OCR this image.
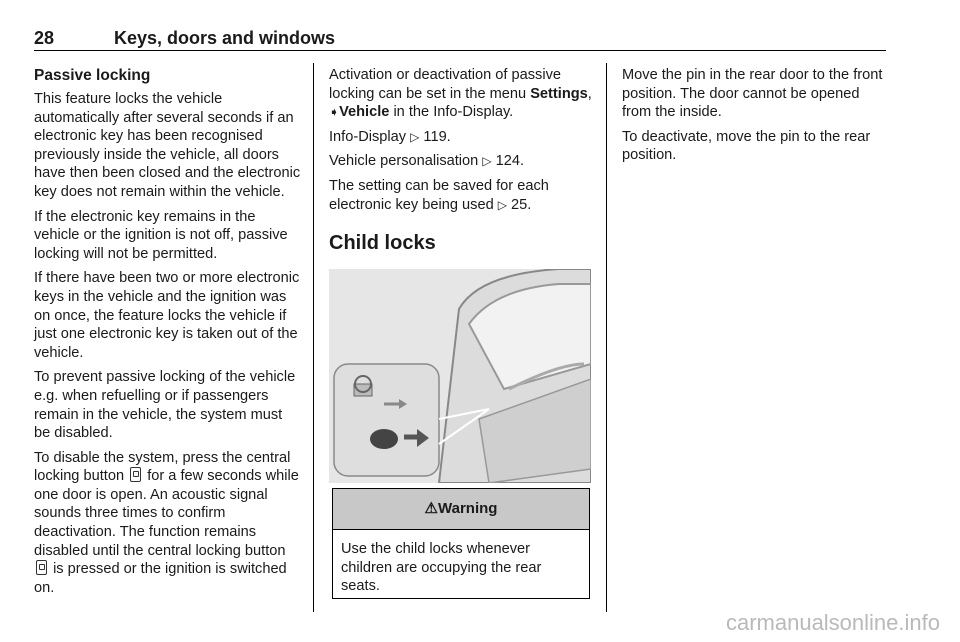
28	Keys, doors and windows
Passive locking

This feature locks the vehicle automatically after several seconds if an electronic key has been recognised previously inside the vehicle, all doors have then been closed and the electronic key does not remain within the vehicle.

If the electronic key remains in the vehicle or the ignition is not off, passive locking will not be permitted.

If there have been two or more electronic keys in the vehicle and the ignition was on once, the feature locks the vehicle if just one electronic key is taken out of the vehicle.

To prevent passive locking of the vehicle e.g. when refuelling or if passengers remain in the vehicle, the system must be disabled.

To disable the system, press the central locking button for a few seconds while one door is open. An acoustic signal sounds three times to confirm deactivation. The function remains disabled until the central locking button  is pressed or the ignition is switched on.

Activation or deactivation of passive locking can be set in the menu Settings, ➧Vehicle in the Info-Display.

Info-Display ▷ 119.

Vehicle personalisation ▷ 124.

The setting can be saved for each electronic key being used ▷ 25.

Child locks
⚠Warning
Use the child locks whenever children are occupying the rear seats.

Move the pin in the rear door to the front position. The door cannot be opened from the inside.

To deactivate, move the pin to the rear position.

carmanualsonline.info
